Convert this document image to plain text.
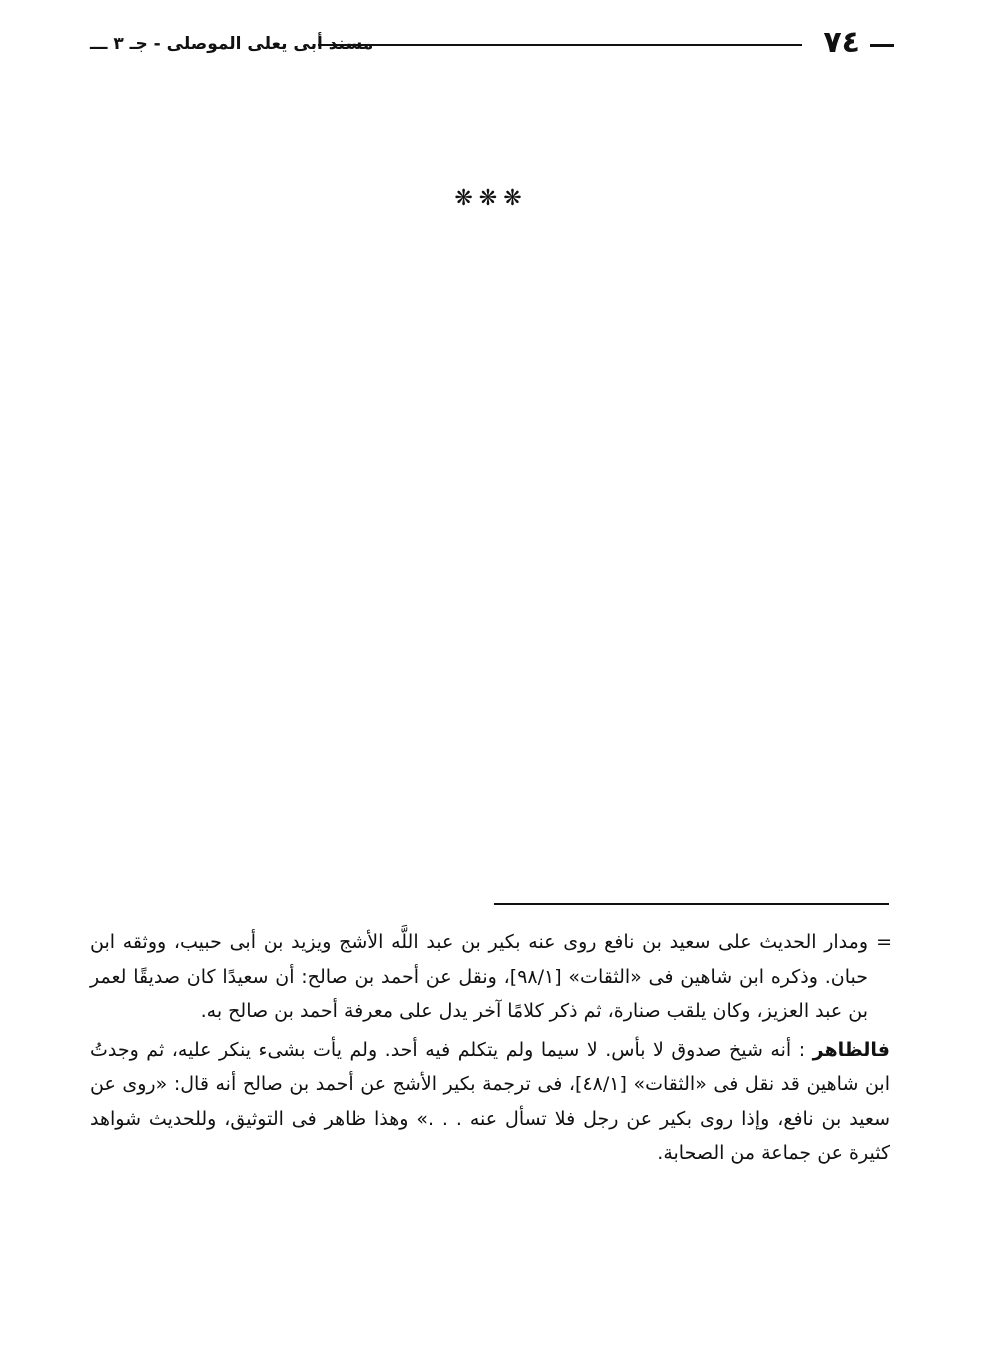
٧٤
مسند أبى يعلى الموصلى - جـ ٣ ـــ
❋❋❋

=
ومدار الحديث على سعيد بن نافع روى عنه بكير بن عبد اللَّه الأشج ويزيد بن أبى حبيب، ووثقه ابن حبان. وذكره ابن شاهين فى «الثقات» [٩٨/١]، ونقل عن أحمد بن صالح: أن سعيدًا كان صديقًا لعمر بن عبد العزيز، وكان يلقب صنارة، ثم ذكر كلامًا آخر يدل على معرفة أحمد بن صالح به.

فالظاهر : أنه شيخ صدوق لا بأس. لا سيما ولم يتكلم فيه أحد. ولم يأت بشىء ينكر عليه، ثم وجدتُ ابن شاهين قد نقل فى «الثقات» [٤٨/١]، فى ترجمة بكير الأشج عن أحمد بن صالح أنه قال: «روى عن سعيد بن نافع، وإذا روى بكير عن رجل فلا تسأل عنه . . .» وهذا ظاهر فى التوثيق، وللحديث شواهد كثيرة عن جماعة من الصحابة.
